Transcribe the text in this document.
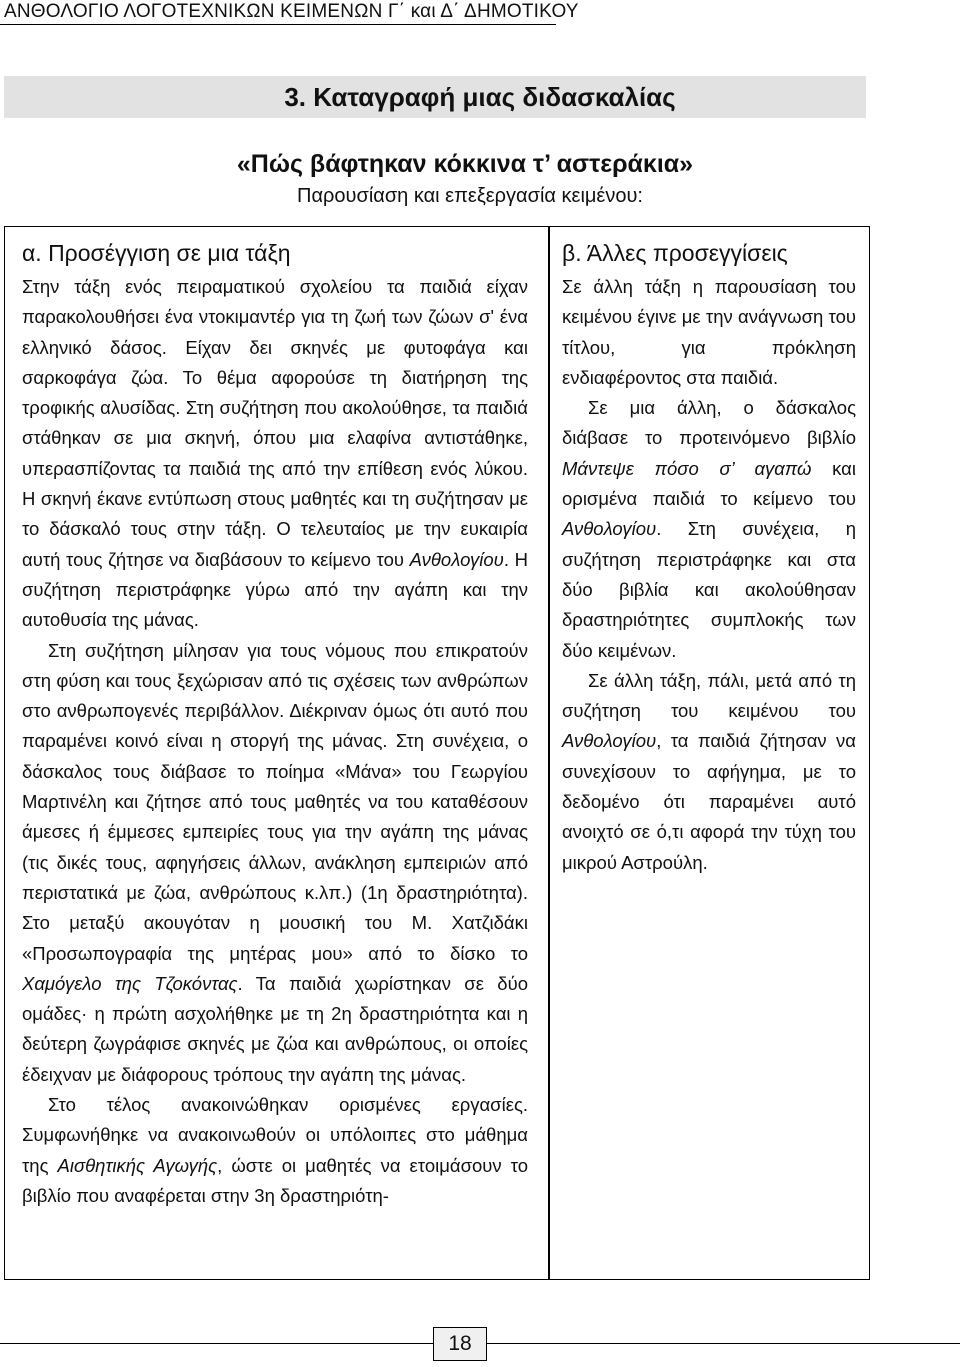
ΑΝΘΟΛΟΓΙΟ ΛΟΓΟΤΕΧΝΙΚΩΝ ΚΕΙΜΕΝΩΝ Γ΄ και Δ΄ ΔΗΜΟΤΙΚΟΥ
3. Καταγραφή μιας διδασκαλίας
«Πώς βάφτηκαν κόκκινα τ’ αστεράκια»
Παρουσίαση και επεξεργασία κειμένου:
α. Προσέγγιση σε μια τάξη

Στην τάξη ενός πειραματικού σχολείου τα παιδιά είχαν παρακολουθήσει ένα ντοκιμαντέρ για τη ζωή των ζώων σ' ένα ελληνικό δάσος. Είχαν δει σκηνές με φυτοφάγα και σαρκοφάγα ζώα. Το θέμα αφορούσε τη διατήρηση της τροφικής αλυσίδας. Στη συζήτηση που ακολούθησε, τα παιδιά στάθηκαν σε μια σκηνή, όπου μια ελαφίνα αντιστάθηκε, υπερασπίζοντας τα παιδιά της από την επίθεση ενός λύκου. Η σκηνή έκανε εντύπωση στους μαθητές και τη συζήτησαν με το δάσκαλό τους στην τάξη. Ο τελευταίος με την ευκαιρία αυτή τους ζήτησε να διαβάσουν το κείμενο του Ανθολογίου. Η συζήτηση περιστράφηκε γύρω από την αγάπη και την αυτοθυσία της μάνας.

Στη συζήτηση μίλησαν για τους νόμους που επικρατούν στη φύση και τους ξεχώρισαν από τις σχέσεις των ανθρώπων στο ανθρωπογενές περιβάλλον. Διέκριναν όμως ότι αυτό που παραμένει κοινό είναι η στοργή της μάνας. Στη συνέχεια, ο δάσκαλος τους διάβασε το ποίημα «Μάνα» του Γεωργίου Μαρτινέλη και ζήτησε από τους μαθητές να του καταθέσουν άμεσες ή έμμεσες εμπειρίες τους για την αγάπη της μάνας (τις δικές τους, αφηγήσεις άλλων, ανάκληση εμπειριών από περιστατικά με ζώα, ανθρώπους κ.λπ.) (1η δραστηριότητα). Στο μεταξύ ακουγόταν η μουσική του Μ. Χατζιδάκι «Προσωπογραφία της μητέρας μου» από το δίσκο το Χαμόγελο της Τζοκόντας. Τα παιδιά χωρίστηκαν σε δύο ομάδες· η πρώτη ασχολήθηκε με τη 2η δραστηριότητα και η δεύτερη ζωγράφισε σκηνές με ζώα και ανθρώπους, οι οποίες έδειχναν με διάφορους τρόπους την αγάπη της μάνας.

Στο τέλος ανακοινώθηκαν ορισμένες εργασίες. Συμφωνήθηκε να ανακοινωθούν οι υπόλοιπες στο μάθημα της Αισθητικής Αγωγής, ώστε οι μαθητές να ετοιμάσουν το βιβλίο που αναφέρεται στην 3η δραστηριότη-

β. Άλλες προσεγγίσεις

Σε άλλη τάξη η παρουσίαση του κειμένου έγινε με την ανάγνωση του τίτλου, για πρόκληση ενδιαφέροντος στα παιδιά.

Σε μια άλλη, ο δάσκαλος διάβασε το προτεινόμενο βιβλίο Μάντεψε πόσο σ’ αγαπώ και ορισμένα παιδιά το κείμενο του Ανθολογίου. Στη συνέχεια, η συζήτηση περιστράφηκε και στα δύο βιβλία και ακολούθησαν δραστηριότητες συμπλοκής των δύο κειμένων.

Σε άλλη τάξη, πάλι, μετά από τη συζήτηση του κειμένου του Ανθολογίου, τα παιδιά ζήτησαν να συνεχίσουν το αφήγημα, με το δεδομένο ότι παραμένει αυτό ανοιχτό σε ό,τι αφορά την τύχη του μικρού Αστρούλη.

18
